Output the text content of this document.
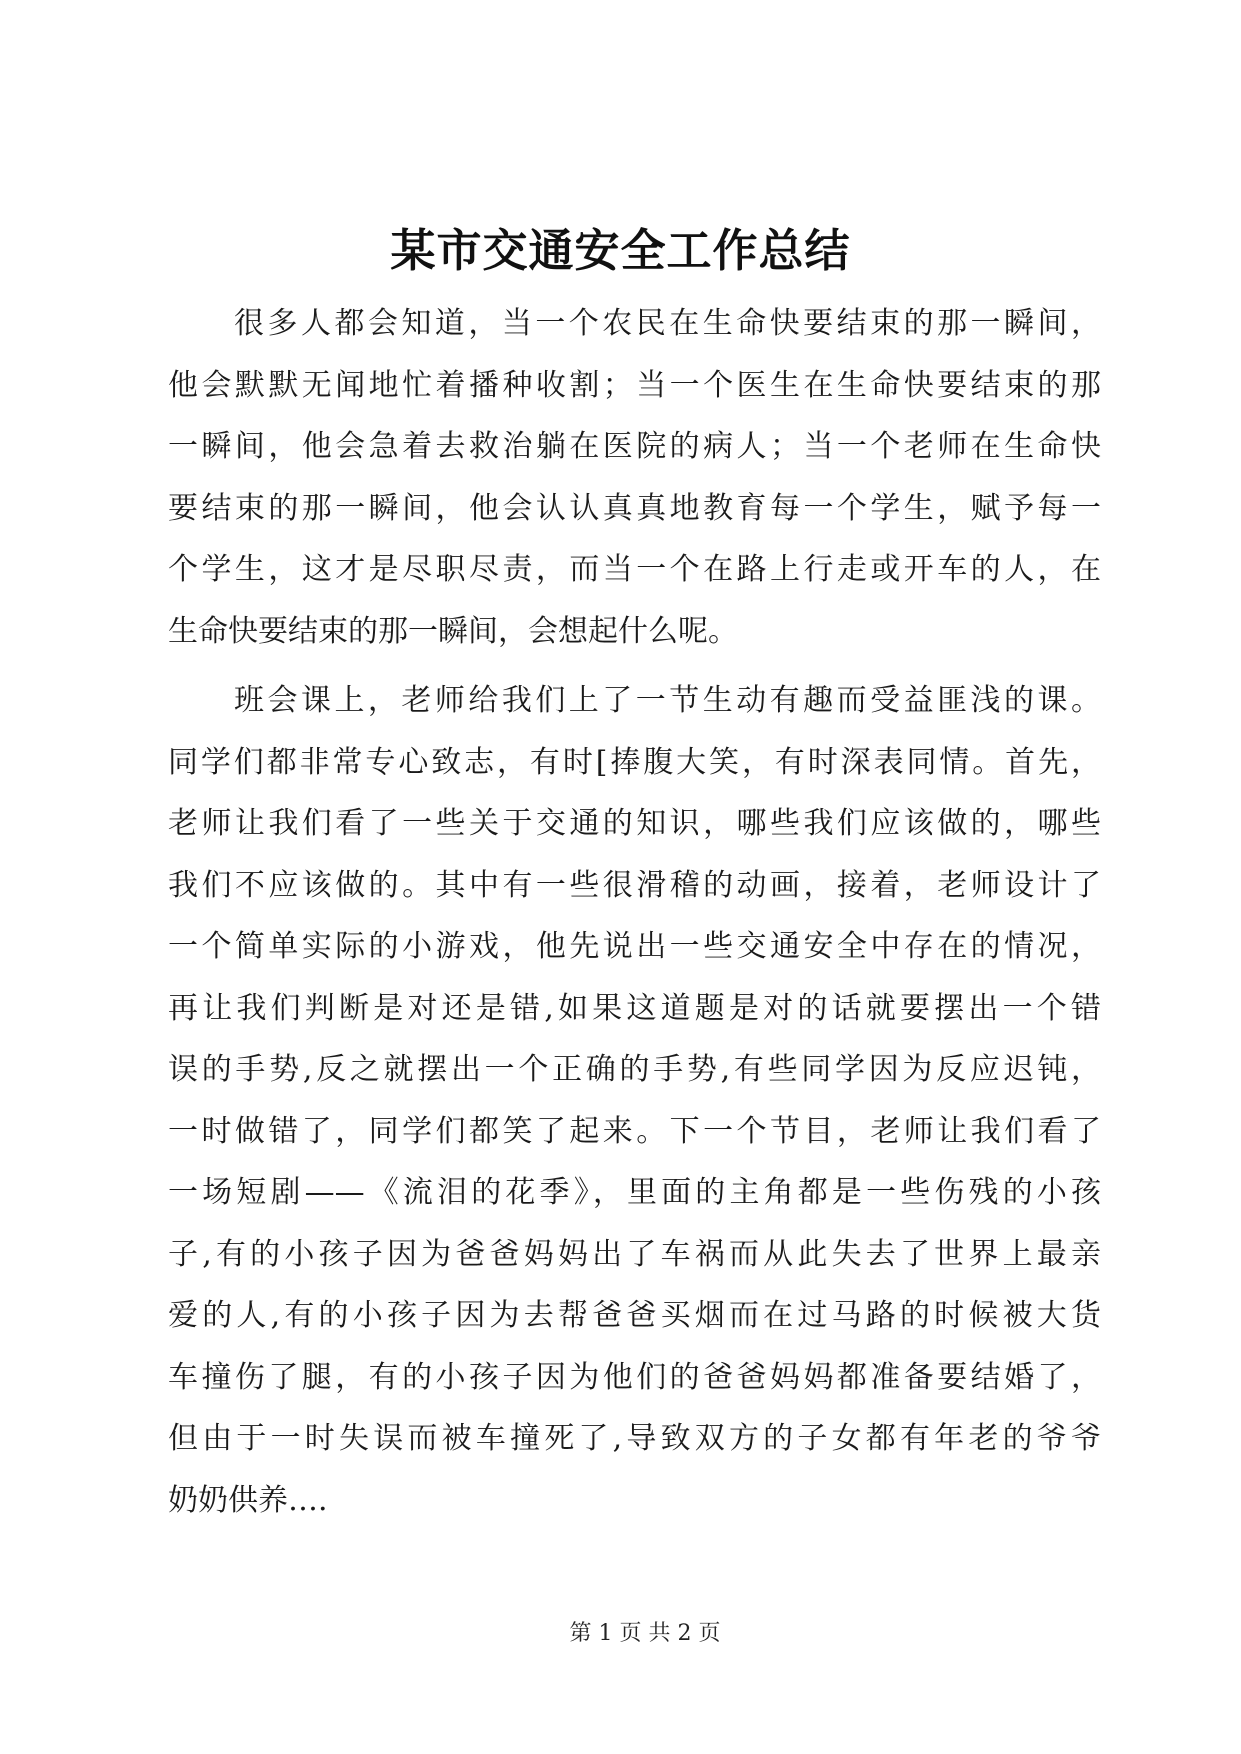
某市交通安全工作总结
很多人都会知道，当一个农民在生命快要结束的那一瞬间，
他会默默无闻地忙着播种收割；当一个医生在生命快要结束的那
一瞬间，他会急着去救治躺在医院的病人；当一个老师在生命快
要结束的那一瞬间，他会认认真真地教育每一个学生，赋予每一
个学生，这才是尽职尽责，而当一个在路上行走或开车的人，在
生命快要结束的那一瞬间，会想起什么呢。
班会课上，老师给我们上了一节生动有趣而受益匪浅的课。
同学们都非常专心致志，有时[捧腹大笑，有时深表同情。首先，
老师让我们看了一些关于交通的知识，哪些我们应该做的，哪些
我们不应该做的。其中有一些很滑稽的动画，接着，老师设计了
一个简单实际的小游戏，他先说出一些交通安全中存在的情况，
再让我们判断是对还是错,如果这道题是对的话就要摆出一个错
误的手势,反之就摆出一个正确的手势,有些同学因为反应迟钝，
一时做错了，同学们都笑了起来。下一个节目，老师让我们看了
一场短剧——《流泪的花季》，里面的主角都是一些伤残的小孩
子,有的小孩子因为爸爸妈妈出了车祸而从此失去了世界上最亲
爱的人,有的小孩子因为去帮爸爸买烟而在过马路的时候被大货
车撞伤了腿，有的小孩子因为他们的爸爸妈妈都准备要结婚了，
但由于一时失误而被车撞死了,导致双方的子女都有年老的爷爷
奶奶供养….
第 1 页 共 2 页
